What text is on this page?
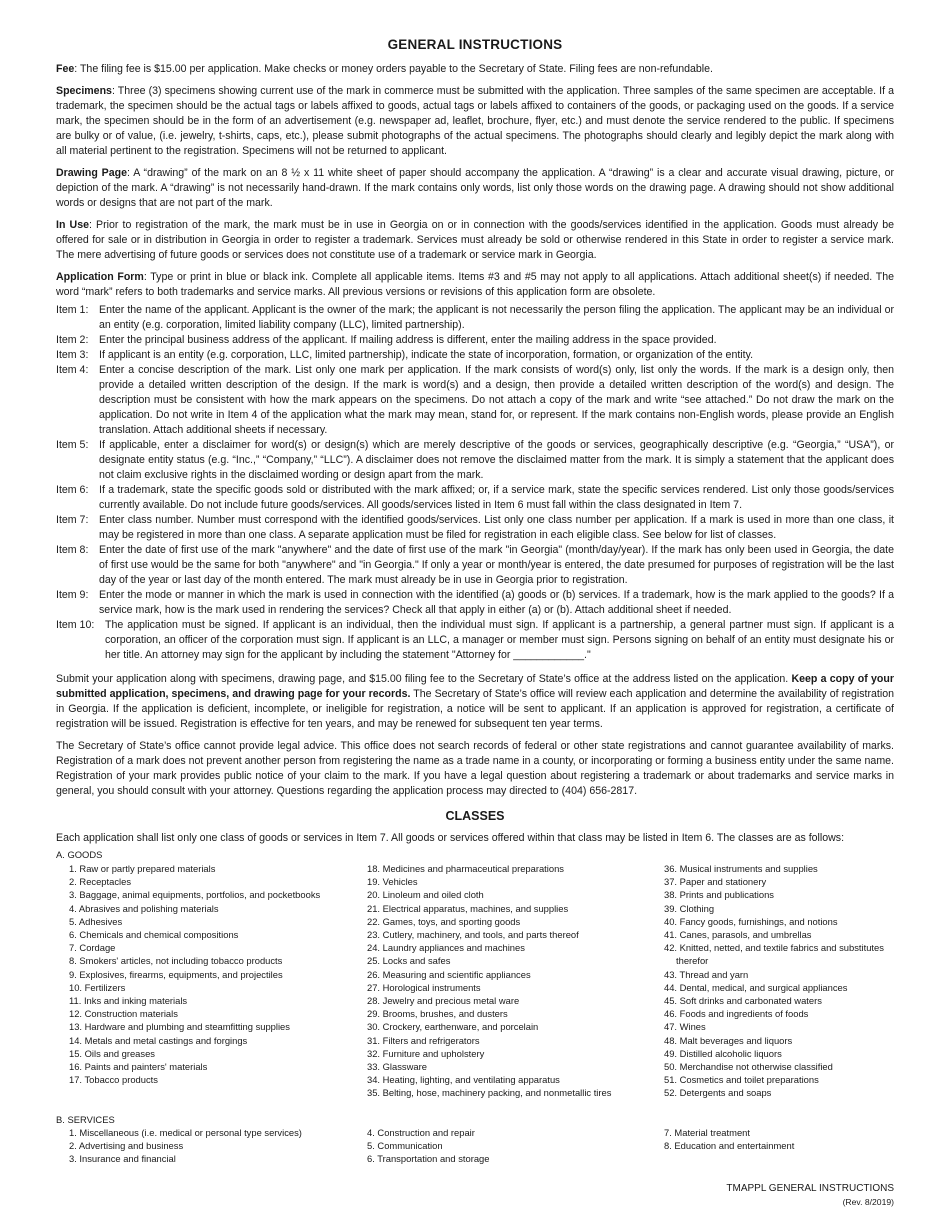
GENERAL INSTRUCTIONS

Fee: The filing fee is $15.00 per application. Make checks or money orders payable to the Secretary of State. Filing fees are non-refundable.

Specimens: Three (3) specimens showing current use of the mark in commerce must be submitted with the application. Three samples of the same specimen are acceptable. If a trademark, the specimen should be the actual tags or labels affixed to goods, actual tags or labels affixed to containers of the goods, or packaging used on the goods. If a service mark, the specimen should be in the form of an advertisement (e.g. newspaper ad, leaflet, brochure, flyer, etc.) and must denote the service rendered to the public. If specimens are bulky or of value, (i.e. jewelry, t-shirts, caps, etc.), please submit photographs of the actual specimens. The photographs should clearly and legibly depict the mark along with all material pertinent to the registration. Specimens will not be returned to applicant.

Drawing Page: A “drawing” of the mark on an 8 ½ x 11 white sheet of paper should accompany the application. A “drawing” is a clear and accurate visual drawing, picture, or depiction of the mark. A “drawing” is not necessarily hand-drawn. If the mark contains only words, list only those words on the drawing page. A drawing should not show additional words or designs that are not part of the mark.

In Use: Prior to registration of the mark, the mark must be in use in Georgia on or in connection with the goods/services identified in the application. Goods must already be offered for sale or in distribution in Georgia in order to register a trademark. Services must already be sold or otherwise rendered in this State in order to register a service mark. The mere advertising of future goods or services does not constitute use of a trademark or service mark in Georgia.

Application Form: Type or print in blue or black ink. Complete all applicable items. Items #3 and #5 may not apply to all applications. Attach additional sheet(s) if needed. The word “mark” refers to both trademarks and service marks. All previous versions or revisions of this application form are obsolete.

Item 1:	Enter the name of the applicant. Applicant is the owner of the mark; the applicant is not necessarily the person filing the application. The applicant may be an individual or an entity (e.g. corporation, limited liability company (LLC), limited partnership).
Item 2:	Enter the principal business address of the applicant. If mailing address is different, enter the mailing address in the space provided.
Item 3:	If applicant is an entity (e.g. corporation, LLC, limited partnership), indicate the state of incorporation, formation, or organization of the entity.
Item 4:	Enter a concise description of the mark. List only one mark per application. If the mark consists of word(s) only, list only the words. If the mark is a design only, then provide a detailed written description of the design. If the mark is word(s) and a design, then provide a detailed written description of the word(s) and design. The description must be consistent with how the mark appears on the specimens. Do not attach a copy of the mark and write “see attached.” Do not draw the mark on the application. Do not write in Item 4 of the application what the mark may mean, stand for, or represent. If the mark contains non-English words, please provide an English translation. Attach additional sheets if necessary.
Item 5:	If applicable, enter a disclaimer for word(s) or design(s) which are merely descriptive of the goods or services, geographically descriptive (e.g. “Georgia,” “USA”), or designate entity status (e.g. “Inc.,” “Company,” “LLC”). A disclaimer does not remove the disclaimed matter from the mark. It is simply a statement that the applicant does not claim exclusive rights in the disclaimed wording or design apart from the mark.
Item 6:	If a trademark, state the specific goods sold or distributed with the mark affixed; or, if a service mark, state the specific services rendered. List only those goods/services currently available. Do not include future goods/services. All goods/services listed in Item 6 must fall within the class designated in Item 7.
Item 7:	Enter class number. Number must correspond with the identified goods/services. List only one class number per application. If a mark is used in more than one class, it may be registered in more than one class. A separate application must be filed for registration in each eligible class. See below for list of classes.
Item 8:	Enter the date of first use of the mark "anywhere" and the date of first use of the mark "in Georgia" (month/day/year). If the mark has only been used in Georgia, the date of first use would be the same for both "anywhere" and "in Georgia." If only a year or month/year is entered, the date presumed for purposes of registration will be the last day of the year or last day of the month entered. The mark must already be in use in Georgia prior to registration.
Item 9:	Enter the mode or manner in which the mark is used in connection with the identified (a) goods or (b) services. If a trademark, how is the mark applied to the goods? If a service mark, how is the mark used in rendering the services? Check all that apply in either (a) or (b). Attach additional sheet if needed.
Item 10:	The application must be signed. If applicant is an individual, then the individual must sign. If applicant is a partnership, a general partner must sign. If applicant is a corporation, an officer of the corporation must sign. If applicant is an LLC, a manager or member must sign. Persons signing on behalf of an entity must designate his or her title. An attorney may sign for the applicant by including the statement "Attorney for ____________."

Submit your application along with specimens, drawing page, and $15.00 filing fee to the Secretary of State’s office at the address listed on the application. Keep a copy of your submitted application, specimens, and drawing page for your records. The Secretary of State’s office will review each application and determine the availability of registration in Georgia. If the application is deficient, incomplete, or ineligible for registration, a notice will be sent to applicant. If an application is approved for registration, a certificate of registration will be issued. Registration is effective for ten years, and may be renewed for subsequent ten year terms.

The Secretary of State’s office cannot provide legal advice. This office does not search records of federal or other state registrations and cannot guarantee availability of marks. Registration of a mark does not prevent another person from registering the name as a trade name in a county, or incorporating or forming a business entity under the same name. Registration of your mark provides public notice of your claim to the mark. If you have a legal question about registering a trademark or about trademarks and service marks in general, you should consult with your attorney. Questions regarding the application process may directed to (404) 656-2817.

CLASSES

Each application shall list only one class of goods or services in Item 7. All goods or services offered within that class may be listed in Item 6. The classes are as follows:

A. GOODS

1. Raw or partly prepared materials
2. Receptacles
3. Baggage, animal equipments, portfolios, and pocketbooks
4. Abrasives and polishing materials
5. Adhesives
6. Chemicals and chemical compositions
7. Cordage
8. Smokers' articles, not including tobacco products
9. Explosives, firearms, equipments, and projectiles
10. Fertilizers
11. Inks and inking materials
12. Construction materials
13. Hardware and plumbing and steamfitting supplies
14. Metals and metal castings and forgings
15. Oils and greases
16. Paints and painters' materials
17. Tobacco products
18. Medicines and pharmaceutical preparations
19. Vehicles
20. Linoleum and oiled cloth
21. Electrical apparatus, machines, and supplies
22. Games, toys, and sporting goods
23. Cutlery, machinery, and tools, and parts thereof
24. Laundry appliances and machines
25. Locks and safes
26. Measuring and scientific appliances
27. Horological instruments
28. Jewelry and precious metal ware
29. Brooms, brushes, and dusters
30. Crockery, earthenware, and porcelain
31. Filters and refrigerators
32. Furniture and upholstery
33. Glassware
34. Heating, lighting, and ventilating apparatus
35. Belting, hose, machinery packing, and nonmetallic tires
36. Musical instruments and supplies
37. Paper and stationery
38. Prints and publications
39. Clothing
40. Fancy goods, furnishings, and notions
41. Canes, parasols, and umbrellas
42. Knitted, netted, and textile fabrics and substitutes therefor
43. Thread and yarn
44. Dental, medical, and surgical appliances
45. Soft drinks and carbonated waters
46. Foods and ingredients of foods
47. Wines
48. Malt beverages and liquors
49. Distilled alcoholic liquors
50. Merchandise not otherwise classified
51. Cosmetics and toilet preparations
52. Detergents and soaps

B. SERVICES

1. Miscellaneous (i.e. medical or personal type services)
2. Advertising and business
3. Insurance and financial
4. Construction and repair
5. Communication
6. Transportation and storage
7. Material treatment
8. Education and entertainment
TMAPPL GENERAL INSTRUCTIONS
(Rev. 8/2019)
